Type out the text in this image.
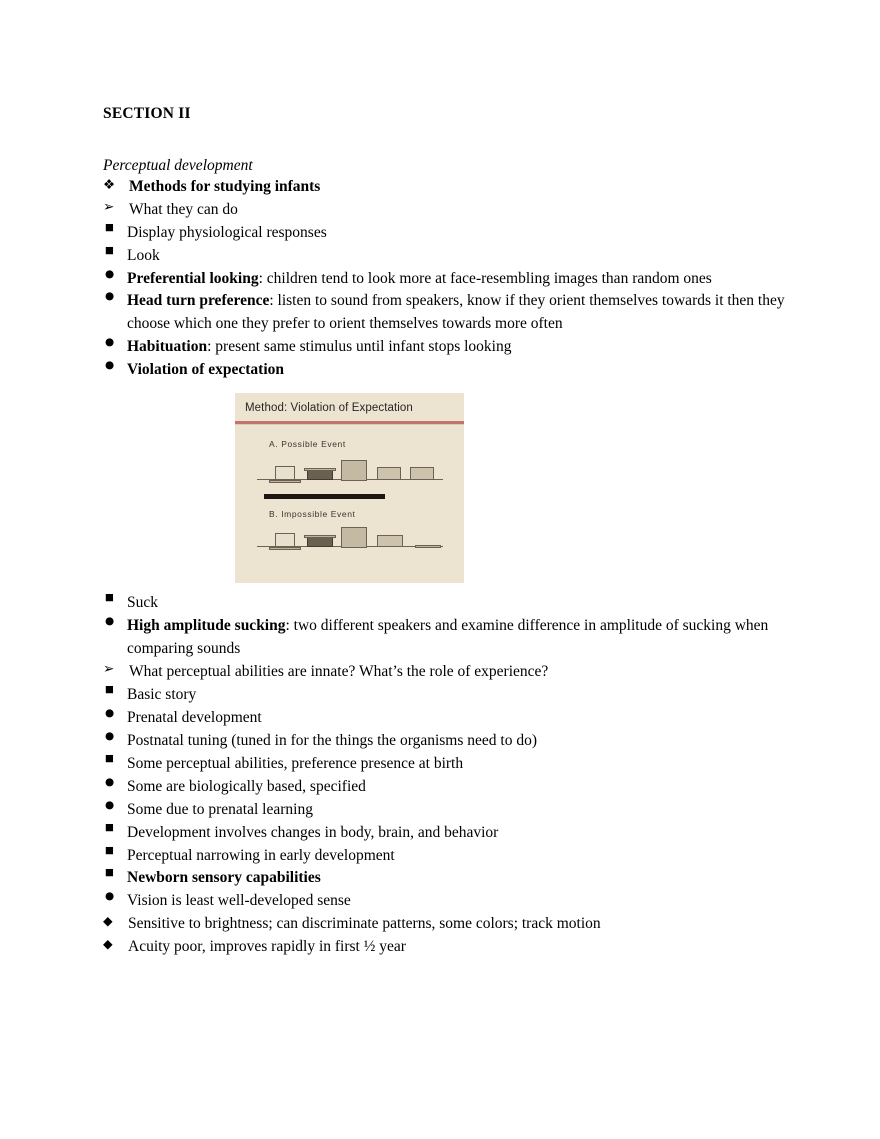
SECTION II
Perceptual development
❖ Methods for studying infants
➢ What they can do
■ Display physiological responses
■ Look
● Preferential looking: children tend to look more at face-resembling images than random ones
● Head turn preference: listen to sound from speakers, know if they orient themselves towards it then they choose which one they prefer to orient themselves towards more often
● Habituation: present same stimulus until infant stops looking
● Violation of expectation
Method: Violation of Expectation
A. Possible Event
B. Impossible Event
■ Suck
● High amplitude sucking: two different speakers and examine difference in amplitude of sucking when comparing sounds
➢ What perceptual abilities are innate? What’s the role of experience?
■ Basic story
● Prenatal development
● Postnatal tuning (tuned in for the things the organisms need to do)
■ Some perceptual abilities, preference presence at birth
● Some are biologically based, specified
● Some due to prenatal learning
■ Development involves changes in body, brain, and behavior
■ Perceptual narrowing in early development
■ Newborn sensory capabilities
● Vision is least well-developed sense
◆ Sensitive to brightness; can discriminate patterns, some colors; track motion
◆ Acuity poor, improves rapidly in first ½ year
